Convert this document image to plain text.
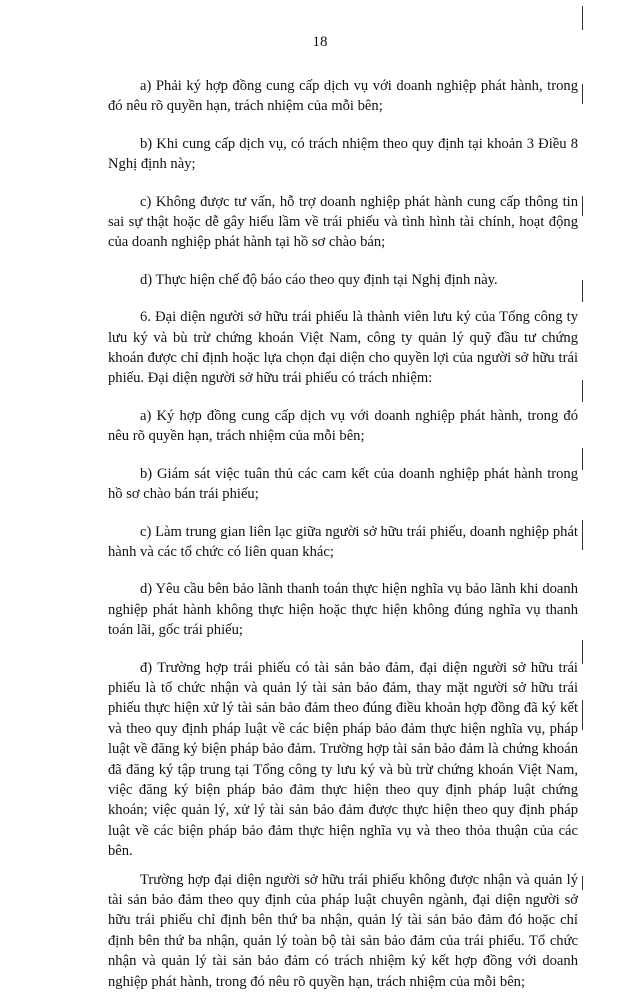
18

a) Phải ký hợp đồng cung cấp dịch vụ với doanh nghiệp phát hành, trong đó nêu rõ quyền hạn, trách nhiệm của mỗi bên;

b) Khi cung cấp dịch vụ, có trách nhiệm theo quy định tại khoản 3 Điều 8 Nghị định này;

c) Không được tư vấn, hỗ trợ doanh nghiệp phát hành cung cấp thông tin sai sự thật hoặc dễ gây hiểu lầm về trái phiếu và tình hình tài chính, hoạt động của doanh nghiệp phát hành tại hồ sơ chào bán;

d) Thực hiện chế độ báo cáo theo quy định tại Nghị định này.

6. Đại diện người sở hữu trái phiếu là thành viên lưu ký của Tổng công ty lưu ký và bù trừ chứng khoán Việt Nam, công ty quản lý quỹ đầu tư chứng khoán được chỉ định hoặc lựa chọn đại diện cho quyền lợi của người sở hữu trái phiếu. Đại diện người sở hữu trái phiếu có trách nhiệm:

a) Ký hợp đồng cung cấp dịch vụ với doanh nghiệp phát hành, trong đó nêu rõ quyền hạn, trách nhiệm của mỗi bên;

b) Giám sát việc tuân thủ các cam kết của doanh nghiệp phát hành trong hồ sơ chào bán trái phiếu;

c) Làm trung gian liên lạc giữa người sở hữu trái phiếu, doanh nghiệp phát hành và các tổ chức có liên quan khác;

d) Yêu cầu bên bảo lãnh thanh toán thực hiện nghĩa vụ bảo lãnh khi doanh nghiệp phát hành không thực hiện hoặc thực hiện không đúng nghĩa vụ thanh toán lãi, gốc trái phiếu;

đ) Trường hợp trái phiếu có tài sản bảo đảm, đại diện người sở hữu trái phiếu là tổ chức nhận và quản lý tài sản bảo đảm, thay mặt người sở hữu trái phiếu thực hiện xử lý tài sản bảo đảm theo đúng điều khoản hợp đồng đã ký kết và theo quy định pháp luật về các biện pháp bảo đảm thực hiện nghĩa vụ, pháp luật về đăng ký biện pháp bảo đảm. Trường hợp tài sản bảo đảm là chứng khoán đã đăng ký tập trung tại Tổng công ty lưu ký và bù trừ chứng khoán Việt Nam, việc đăng ký biện pháp bảo đảm thực hiện theo quy định pháp luật chứng khoán; việc quản lý, xử lý tài sản bảo đảm được thực hiện theo quy định pháp luật về các biện pháp bảo đảm thực hiện nghĩa vụ và theo thỏa thuận của các bên.

Trường hợp đại diện người sở hữu trái phiếu không được nhận và quản lý tài sản bảo đảm theo quy định của pháp luật chuyên ngành, đại diện người sở hữu trái phiếu chỉ định bên thứ ba nhận, quản lý tài sản bảo đảm đó hoặc chỉ định bên thứ ba nhận, quản lý toàn bộ tài sản bảo đảm của trái phiếu. Tổ chức nhận và quản lý tài sản bảo đảm có trách nhiệm ký kết hợp đồng với doanh nghiệp phát hành, trong đó nêu rõ quyền hạn, trách nhiệm của mỗi bên;
